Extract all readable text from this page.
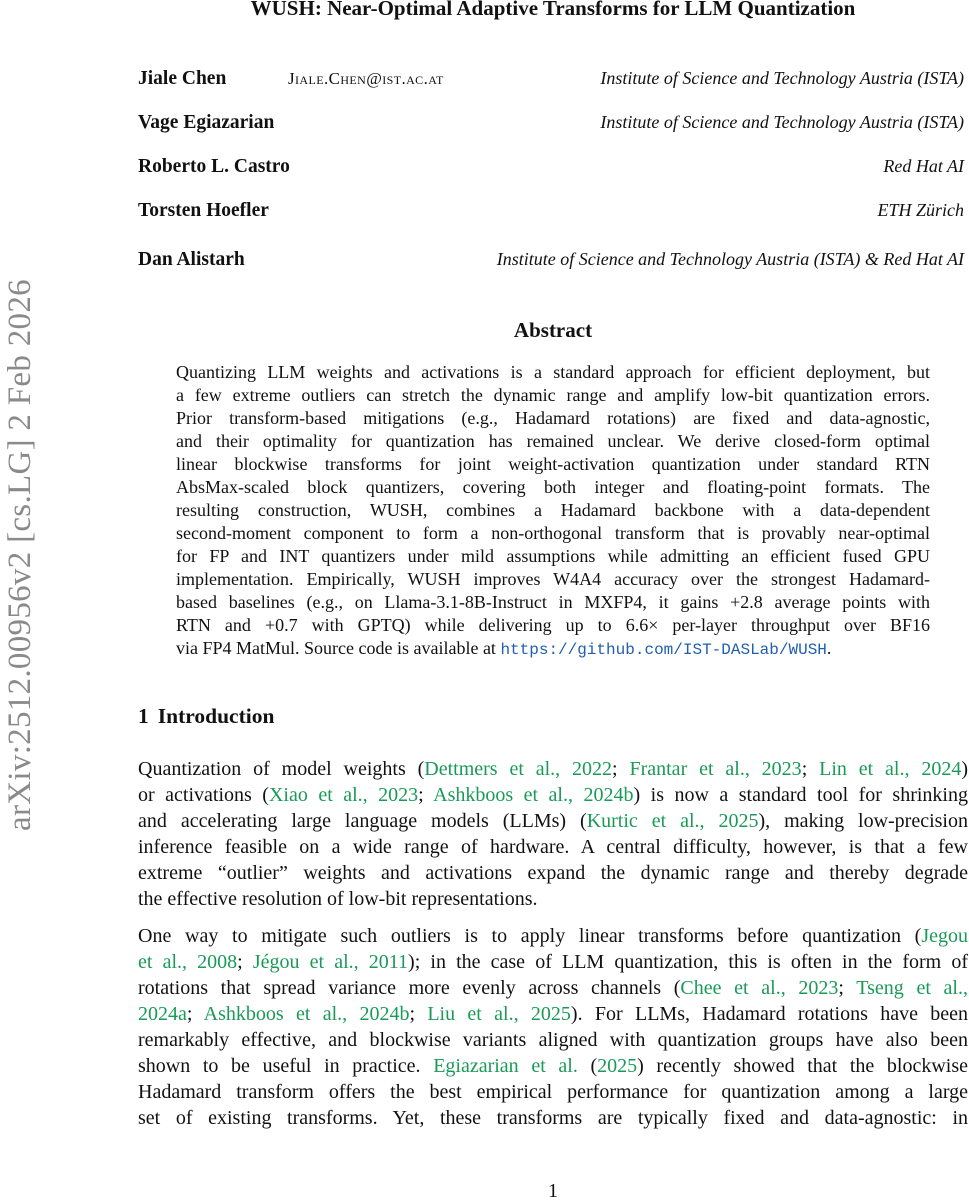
arXiv:2512.00956v2 [cs.LG] 2 Feb 2026
WUSH: Near-Optimal Adaptive Transforms for LLM Quantization
Jiale Chen	Jiale.Chen@ist.ac.at	Institute of Science and Technology Austria (ISTA)
Vage Egiazarian	Institute of Science and Technology Austria (ISTA)
Roberto L. Castro	Red Hat AI
Torsten Hoefler	ETH Zürich
Dan Alistarh	Institute of Science and Technology Austria (ISTA) & Red Hat AI
Abstract
Quantizing LLM weights and activations is a standard approach for efficient deployment, but
a few extreme outliers can stretch the dynamic range and amplify low-bit quantization errors.
Prior transform-based mitigations (e.g., Hadamard rotations) are fixed and data-agnostic,
and their optimality for quantization has remained unclear. We derive closed-form optimal
linear blockwise transforms for joint weight-activation quantization under standard RTN
AbsMax-scaled block quantizers, covering both integer and floating-point formats. The
resulting construction, WUSH, combines a Hadamard backbone with a data-dependent
second-moment component to form a non-orthogonal transform that is provably near-optimal
for FP and INT quantizers under mild assumptions while admitting an efficient fused GPU
implementation. Empirically, WUSH improves W4A4 accuracy over the strongest Hadamard-
based baselines (e.g., on Llama-3.1-8B-Instruct in MXFP4, it gains +2.8 average points with
RTN and +0.7 with GPTQ) while delivering up to 6.6× per-layer throughput over BF16
via FP4 MatMul. Source code is available at https://github.com/IST-DASLab/WUSH.
1 Introduction
Quantization of model weights (Dettmers et al., 2022; Frantar et al., 2023; Lin et al., 2024)
or activations (Xiao et al., 2023; Ashkboos et al., 2024b) is now a standard tool for shrinking
and accelerating large language models (LLMs) (Kurtic et al., 2025), making low-precision
inference feasible on a wide range of hardware. A central difficulty, however, is that a few
extreme “outlier” weights and activations expand the dynamic range and thereby degrade
the effective resolution of low-bit representations.
One way to mitigate such outliers is to apply linear transforms before quantization (Jegou
et al., 2008; Jégou et al., 2011); in the case of LLM quantization, this is often in the form of
rotations that spread variance more evenly across channels (Chee et al., 2023; Tseng et al.,
2024a; Ashkboos et al., 2024b; Liu et al., 2025). For LLMs, Hadamard rotations have been
remarkably effective, and blockwise variants aligned with quantization groups have also been
shown to be useful in practice. Egiazarian et al. (2025) recently showed that the blockwise
Hadamard transform offers the best empirical performance for quantization among a large
set of existing transforms. Yet, these transforms are typically fixed and data-agnostic: in
1
